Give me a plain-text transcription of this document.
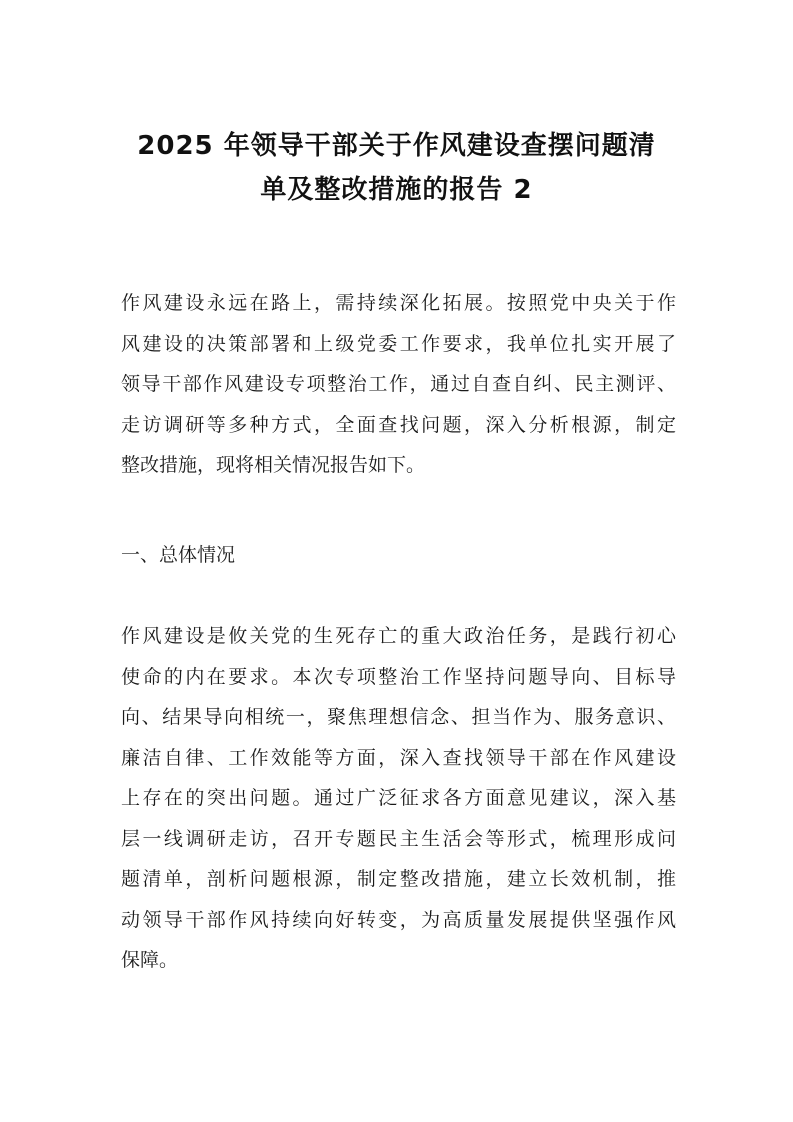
2025 年领导干部关于作风建设查摆问题清
单及整改措施的报告 2
作风建设永远在路上，需持续深化拓展。按照党中央关于作
风建设的决策部署和上级党委工作要求，我单位扎实开展了
领导干部作风建设专项整治工作，通过自查自纠、民主测评、
走访调研等多种方式，全面查找问题，深入分析根源，制定
整改措施，现将相关情况报告如下。
一、总体情况
作风建设是攸关党的生死存亡的重大政治任务，是践行初心
使命的内在要求。本次专项整治工作坚持问题导向、目标导
向、结果导向相统一，聚焦理想信念、担当作为、服务意识、
廉洁自律、工作效能等方面，深入查找领导干部在作风建设
上存在的突出问题。通过广泛征求各方面意见建议，深入基
层一线调研走访，召开专题民主生活会等形式，梳理形成问
题清单，剖析问题根源，制定整改措施，建立长效机制，推
动领导干部作风持续向好转变，为高质量发展提供坚强作风
保障。
